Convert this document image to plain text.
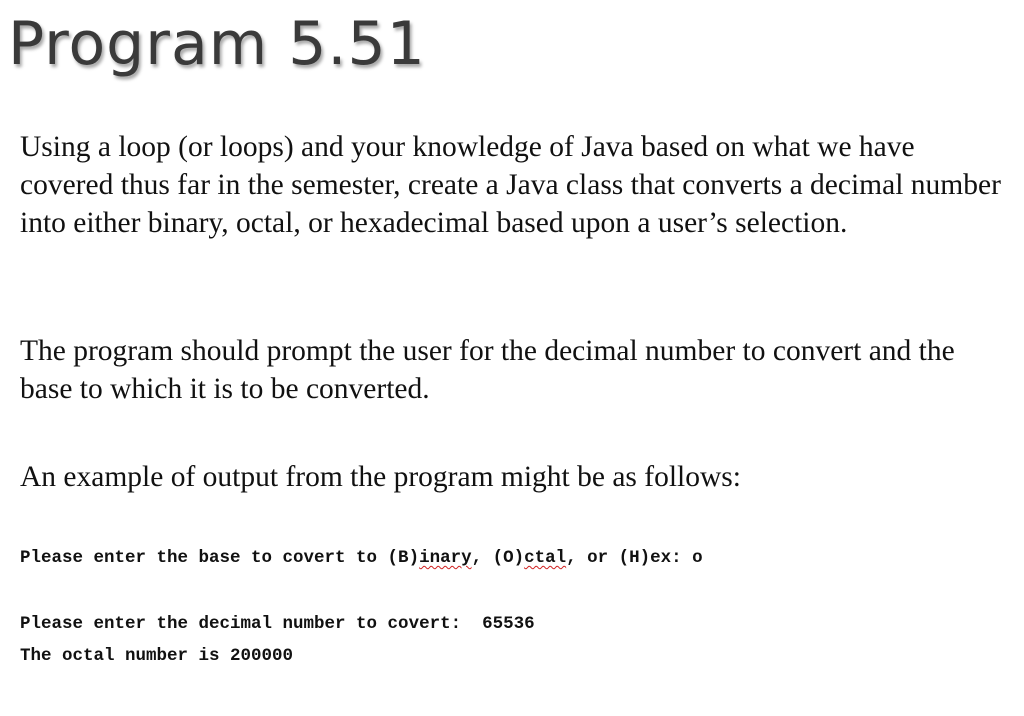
Program 5.51

Using a loop (or loops) and your knowledge of Java based on what we have covered thus far in the semester, create a Java class that converts a decimal number into either binary, octal, or hexadecimal based upon a user’s selection.

The program should prompt the user for the decimal number to convert and the base to which it is to be converted.

An example of output from the program might be as follows:

Please enter the base to covert to (B)inary, (O)ctal, or (H)ex: o
Please enter the decimal number to covert:  65536
The octal number is 200000
